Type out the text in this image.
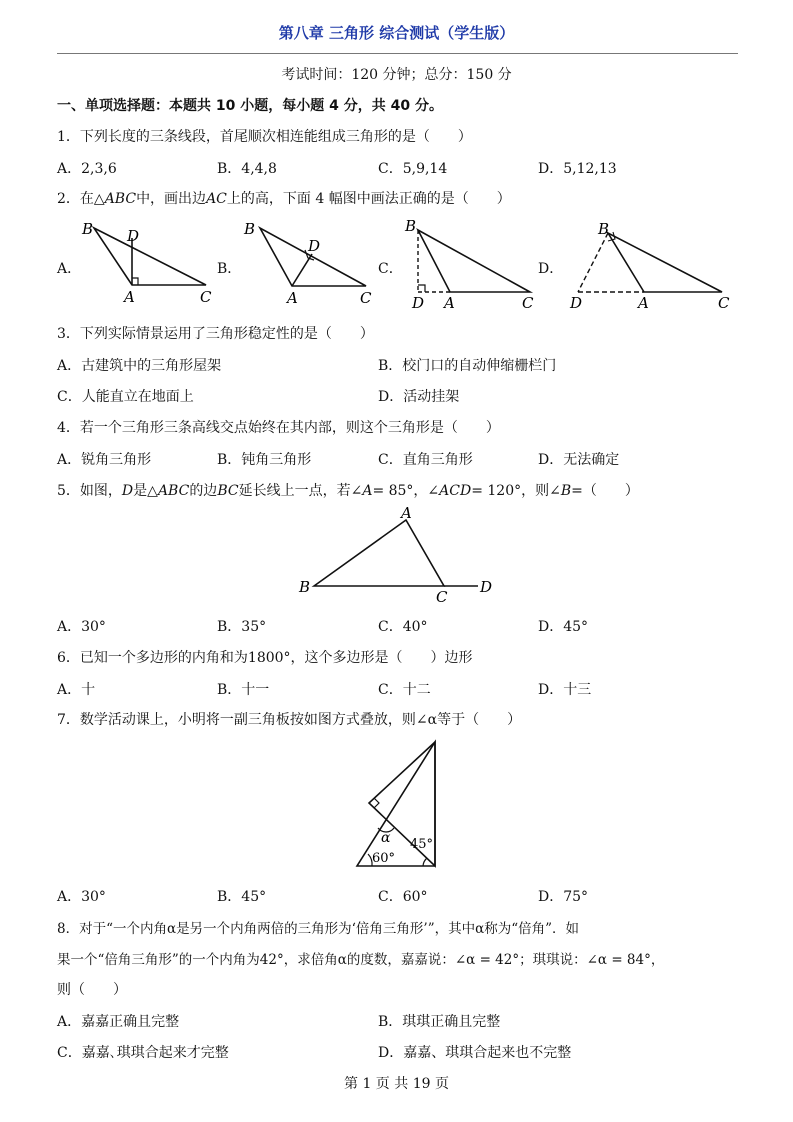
第八章 三角形 综合测试（学生版）
考试时间：120 分钟；总分：150 分
一、单项选择题：本题共 10 小题，每小题 4 分，共 40 分。
1．下列长度的三条线段，首尾顺次相连能组成三角形的是（　　）
A．2,3,6	B．4,4,8	C．5,9,14	D．5,12,13
2．在△ABC中，画出边AC上的高，下面 4 幅图中画法正确的是（　　）
A．
B D
A	C
B．
B
D
A	C
C．
B
D A	C
D．
B
D	A	C
3．下列实际情景运用了三角形稳定性的是（　　）
A．古建筑中的三角形屋架	B．校门口的自动伸缩栅栏门
C．人能直立在地面上	D．活动挂架
4．若一个三角形三条高线交点始终在其内部，则这个三角形是（　　）
A．锐角三角形	B．钝角三角形	C．直角三角形	D．无法确定
5．如图，D是△ABC的边BC延长线上一点，若∠A= 85°，∠ACD= 120°，则∠B=（　　）
A
B
C
D
A．30°	B．35°	C．40°	D．45°
6．已知一个多边形的内角和为1800°，这个多边形是（　　）边形
A．十	B．十一	C．十二	D．十三
7．数学活动课上，小明将一副三角板按如图方式叠放，则∠α等于（　　）
α 45°
60°
A．30°	B．45°	C．60°	D．75°
8．对于“一个内角α是另一个内角两倍的三角形为‘倍角三角形’”，其中α称为“倍角”．如
果一个“倍角三角形”的一个内角为42°，求倍角α的度数，嘉嘉说：∠α = 42°；琪琪说：∠α = 84°，
则（　　）
A．嘉嘉正确且完整	B．琪琪正确且完整
C．嘉嘉､琪琪合起来才完整	D．嘉嘉、琪琪合起来也不完整
第 1 页 共 19 页
